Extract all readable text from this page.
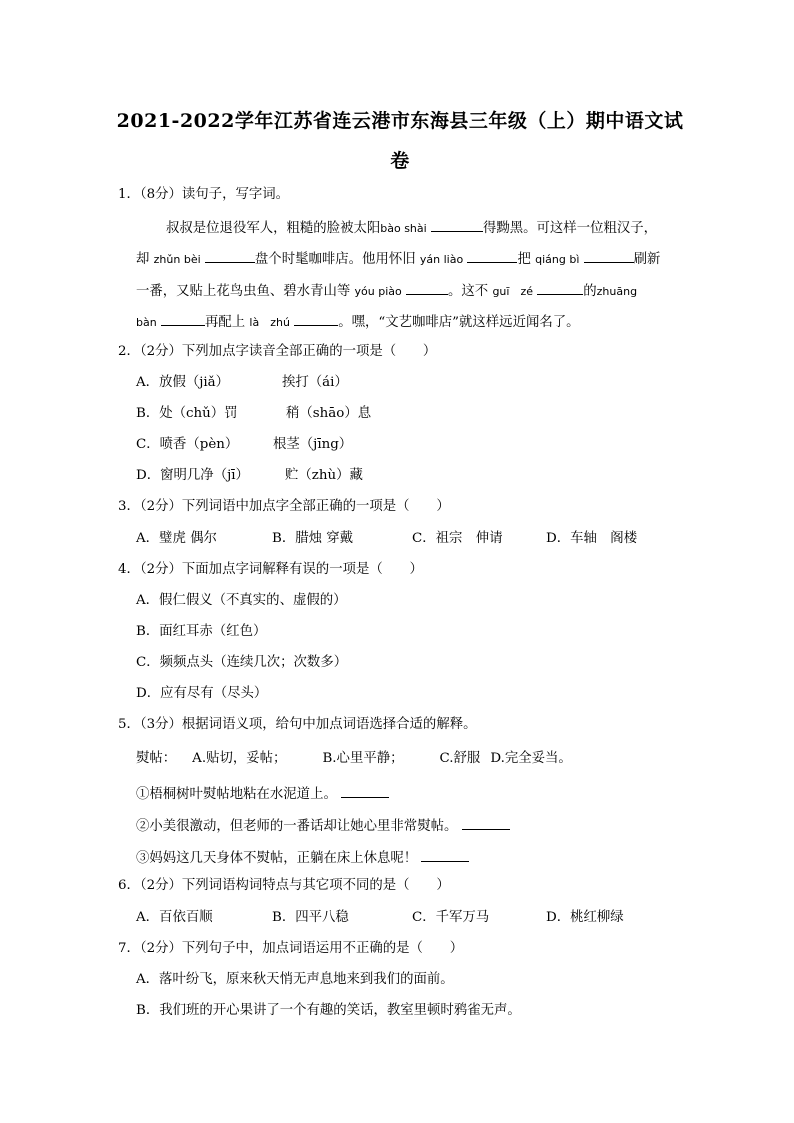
2021-2022学年江苏省连云港市东海县三年级（上）期中语文试
卷
1．（8分）读句子，写字词。
叔叔是位退役军人，粗糙的脸被太阳bào shài	得黝黑。可这样一位粗汉子，
却 zhǔn bèi	盘个时髦咖啡店。他用怀旧 yán liào	把 qiáng bì	刷新
一番，又贴上花鸟虫鱼、碧水青山等 yóu piào	。这不 guī　zé	的zhuāng
bàn	再配上 là　zhú	。嘿，“文艺咖啡店”就这样远近闻名了。
2．（2分）下列加点字读音全部正确的一项是（　　）
A．放假（jiǎ）	挨打（ái）
B．处（chǔ）罚	稍（shāo）息
C．喷香（pèn）	根茎（jīng）
D．窗明几净（jī）	贮（zhù）藏
3．（2分）下列词语中加点字全部正确的一项是（　　）
A．璧虎 偶尔	B．腊烛 穿戴	C．祖宗　伸请	D．车轴　阁楼
4．（2分）下面加点字词解释有误的一项是（　　）
A．假仁假义（不真实的、虚假的）
B．面红耳赤（红色）
C．频频点头（连续几次；次数多）
D．应有尽有（尽头）
5．（3分）根据词语义项，给句中加点词语选择合适的解释。
熨帖： A.贴切，妥帖；	B.心里平静；	C.舒服 D.完全妥当。
①梧桐树叶熨帖地粘在水泥道上。
②小美很激动，但老师的一番话却让她心里非常熨帖。
③妈妈这几天身体不熨帖，正躺在床上休息呢！
6．（2分）下列词语构词特点与其它项不同的是（　　）
A．百依百顺	B．四平八稳	C．千军万马	D．桃红柳绿
7．（2分）下列句子中，加点词语运用不正确的是（　　）
A．落叶纷飞，原来秋天悄无声息地来到我们的面前。
B．我们班的开心果讲了一个有趣的笑话，教室里顿时鸦雀无声。
